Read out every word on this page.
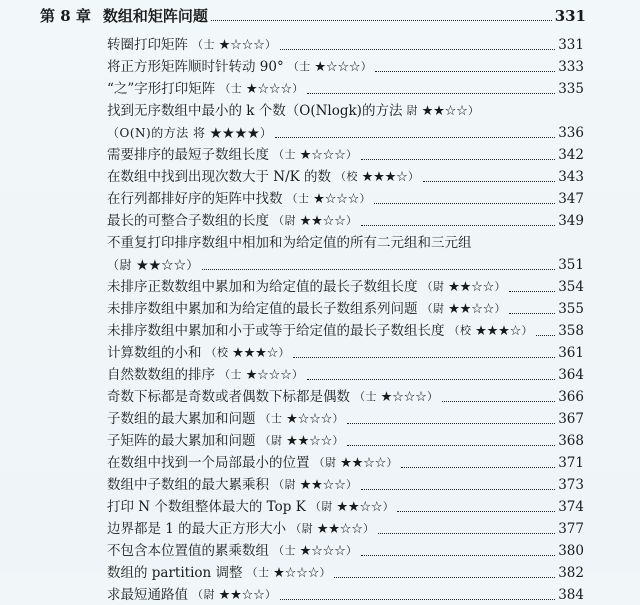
第 8 章 数组和矩阵问题	331
转圈打印矩阵 （士 ★☆☆☆）	331
将正方形矩阵顺时针转动 90° （士 ★☆☆☆）	333
“之”字形打印矩阵 （士 ★☆☆☆）	335
找到无序数组中最小的 k 个数（O(Nlogk)的方法 尉 ★★☆☆）
（O(N)的方法 将 ★★★★）	336
需要排序的最短子数组长度 （士 ★☆☆☆）	342
在数组中找到出现次数大于 N/K 的数 （校 ★★★☆）	343
在行列都排好序的矩阵中找数 （士 ★☆☆☆）	347
最长的可整合子数组的长度 （尉 ★★☆☆）	349
不重复打印排序数组中相加和为给定值的所有二元组和三元组
（尉 ★★☆☆）	351
未排序正数数组中累加和为给定值的最长子数组长度 （尉 ★★☆☆）	354
未排序数组中累加和为给定值的最长子数组系列问题 （尉 ★★☆☆）	355
未排序数组中累加和小于或等于给定值的最长子数组长度 （校 ★★★☆） 358
计算数组的小和 （校 ★★★☆）	361
自然数数组的排序 （士 ★☆☆☆）	364
奇数下标都是奇数或者偶数下标都是偶数 （士 ★☆☆☆）	366
子数组的最大累加和问题 （士 ★☆☆☆）	367
子矩阵的最大累加和问题 （尉 ★★☆☆）	368
在数组中找到一个局部最小的位置 （尉 ★★☆☆）	371
数组中子数组的最大累乘积 （尉 ★★☆☆）	373
打印 N 个数组整体最大的 Top K （尉 ★★☆☆）	374
边界都是 1 的最大正方形大小 （尉 ★★☆☆）	377
不包含本位置值的累乘数组 （士 ★☆☆☆）	380
数组的 partition 调整 （士 ★☆☆☆）	382
求最短通路值 （尉 ★★☆☆）	384
